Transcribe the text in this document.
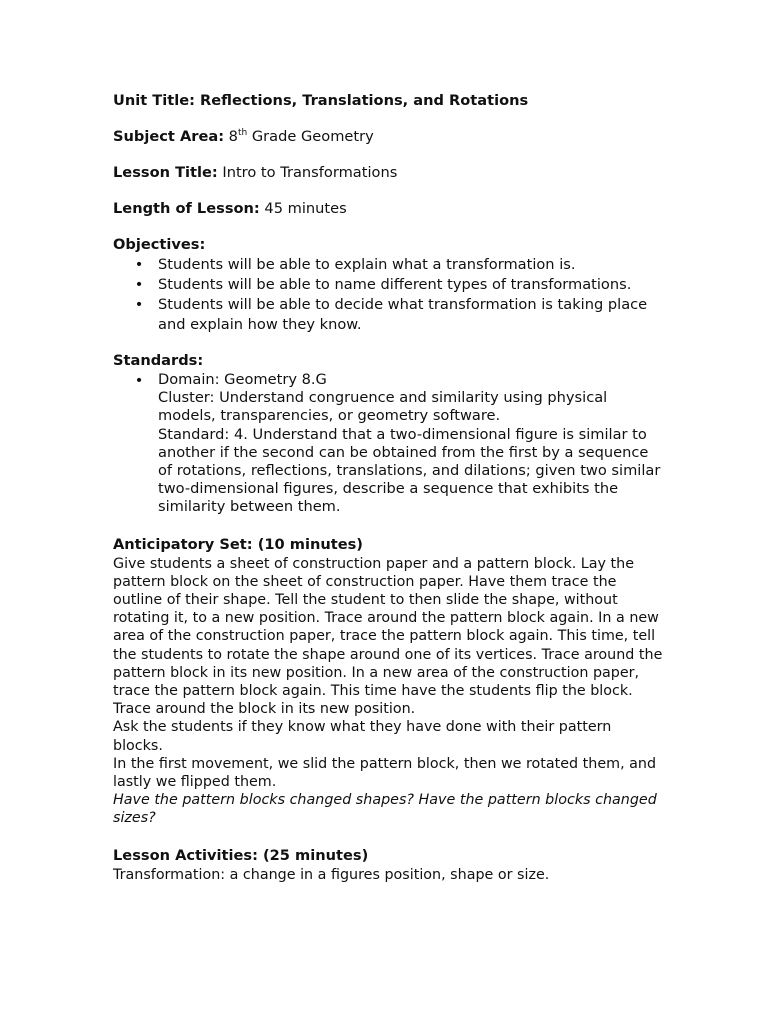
Unit Title: Reflections, Translations, and Rotations

Subject Area: 8th Grade Geometry

Lesson Title: Intro to Transformations

Length of Lesson: 45 minutes

Objectives:

• Students will be able to explain what a transformation is.
• Students will be able to name different types of transformations.
• Students will be able to decide what transformation is taking place and explain how they know.

Standards:

• Domain: Geometry 8.G
Cluster: Understand congruence and similarity using physical models, transparencies, or geometry software.
Standard: 4. Understand that a two-dimensional figure is similar to another if the second can be obtained from the first by a sequence of rotations, reflections, translations, and dilations; given two similar two-dimensional figures, describe a sequence that exhibits the similarity between them.

Anticipatory Set: (10 minutes)

Give students a sheet of construction paper and a pattern block. Lay the pattern block on the sheet of construction paper. Have them trace the outline of their shape. Tell the student to then slide the shape, without rotating it, to a new position. Trace around the pattern block again. In a new area of the construction paper, trace the pattern block again. This time, tell the students to rotate the shape around one of its vertices. Trace around the pattern block in its new position. In a new area of the construction paper, trace the pattern block again. This time have the students flip the block. Trace around the block in its new position.

Ask the students if they know what they have done with their pattern blocks.

In the first movement, we slid the pattern block, then we rotated them, and lastly we flipped them.

Have the pattern blocks changed shapes? Have the pattern blocks changed sizes?

Lesson Activities: (25 minutes)

Transformation: a change in a figures position, shape or size.
